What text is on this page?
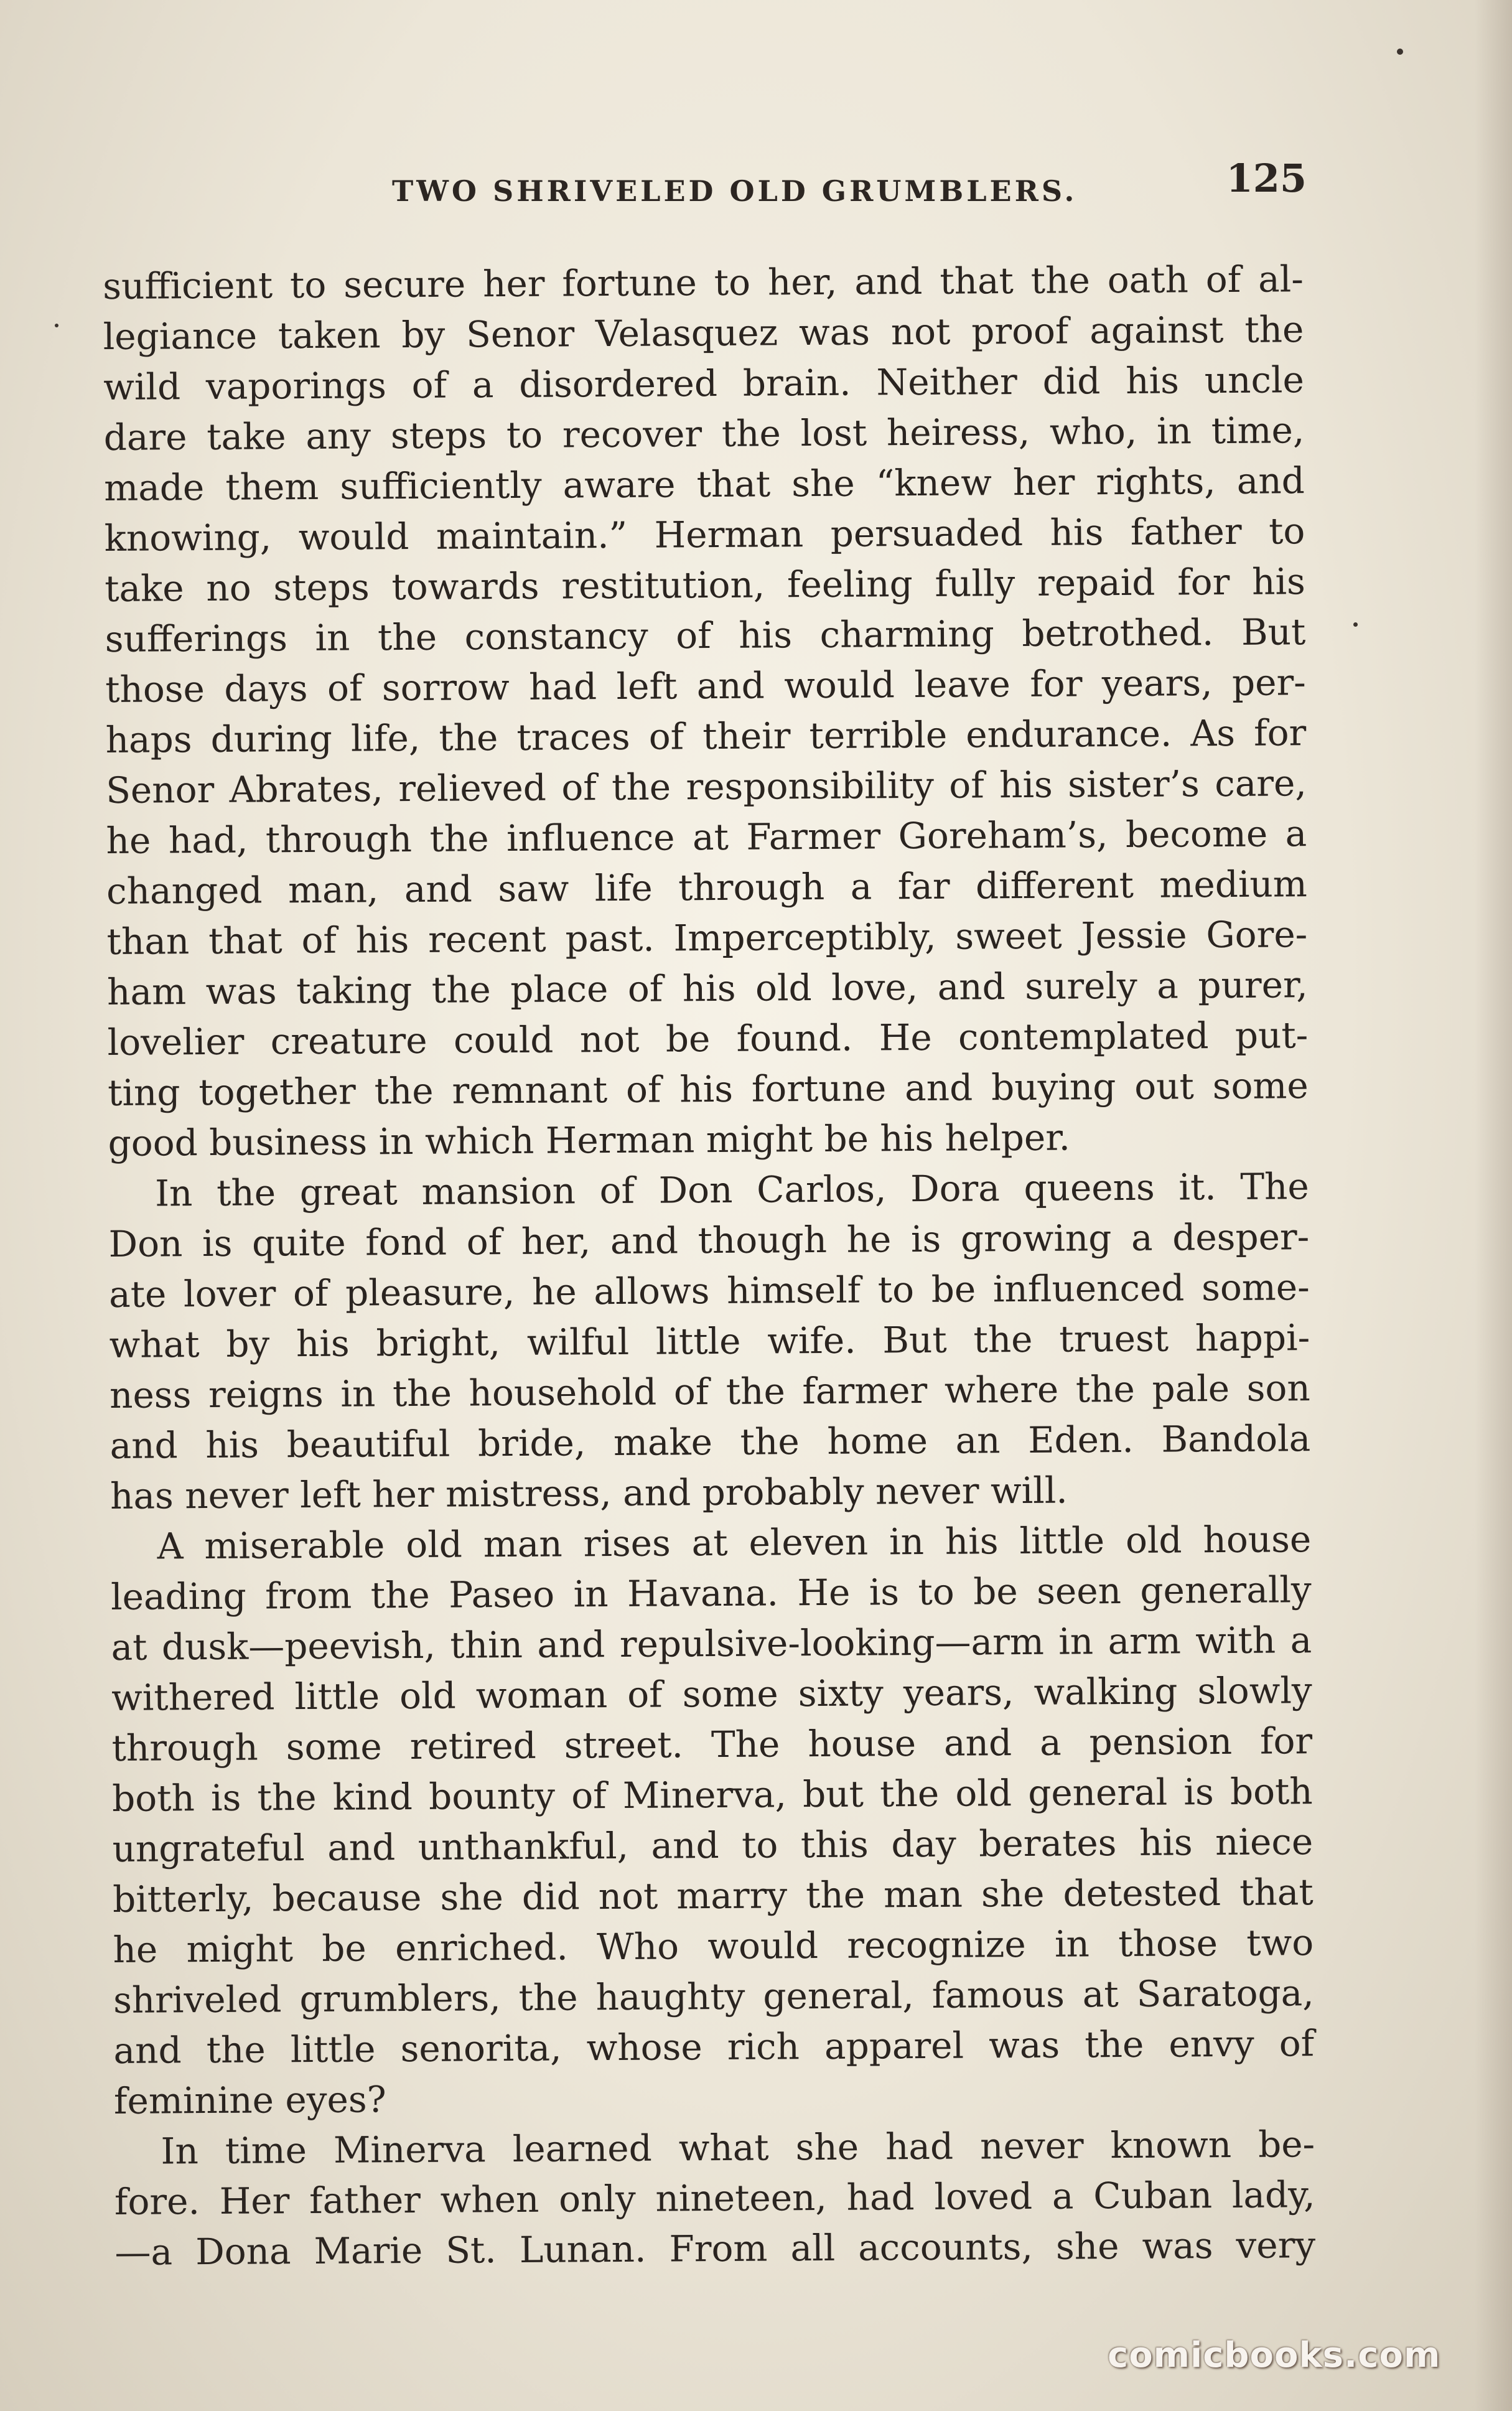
TWO SHRIVELED OLD GRUMBLERS.	125
sufficient to secure her fortune to her, and that the oath of al-
legiance taken by Senor Velasquez was not proof against the
wild vaporings of a disordered brain. Neither did his uncle
dare take any steps to recover the lost heiress, who, in time,
made them sufficiently aware that she “knew her rights, and
knowing, would maintain.” Herman persuaded his father to
take no steps towards restitution, feeling fully repaid for his
sufferings in the constancy of his charming betrothed. But
those days of sorrow had left and would leave for years, per-
haps during life, the traces of their terrible endurance. As for
Senor Abrates, relieved of the responsibility of his sister’s care,
he had, through the influence at Farmer Goreham’s, become a
changed man, and saw life through a far different medium
than that of his recent past. Imperceptibly, sweet Jessie Gore-
ham was taking the place of his old love, and surely a purer,
lovelier creature could not be found. He contemplated put-
ting together the remnant of his fortune and buying out some
good business in which Herman might be his helper.
In the great mansion of Don Carlos, Dora queens it. The
Don is quite fond of her, and though he is growing a desper-
ate lover of pleasure, he allows himself to be influenced some-
what by his bright, wilful little wife. But the truest happi-
ness reigns in the household of the farmer where the pale son
and his beautiful bride, make the home an Eden. Bandola
has never left her mistress, and probably never will.
A miserable old man rises at eleven in his little old house
leading from the Paseo in Havana. He is to be seen generally
at dusk—peevish, thin and repulsive-looking—arm in arm with a
withered little old woman of some sixty years, walking slowly
through some retired street. The house and a pension for
both is the kind bounty of Minerva, but the old general is both
ungrateful and unthankful, and to this day berates his niece
bitterly, because she did not marry the man she detested that
he might be enriched. Who would recognize in those two
shriveled grumblers, the haughty general, famous at Saratoga,
and the little senorita, whose rich apparel was the envy of
feminine eyes?
In time Minerva learned what she had never known be-
fore. Her father when only nineteen, had loved a Cuban lady,
—a Dona Marie St. Lunan. From all accounts, she was very
comicbooks.com
